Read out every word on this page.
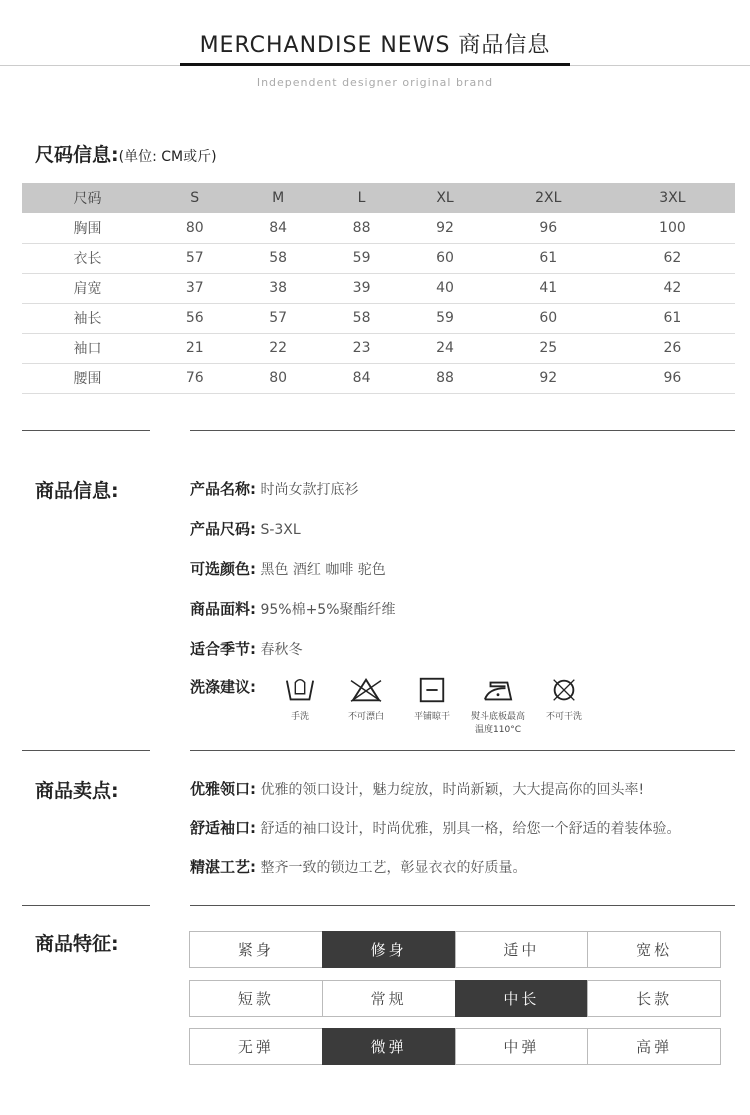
MERCHANDISE NEWS 商品信息
Independent designer original brand
尺码信息:(单位: CM或斤)
尺码	S	M	L	XL	2XL	3XL
胸围	80	84	88	92	96	100
衣长	57	58	59	60	61	62
肩宽	37	38	39	40	41	42
袖长	56	57	58	59	60	61
袖口	21	22	23	24	25	26
腰围	76	80	84	88	92	96
商品信息:	产品名称: 时尚女款打底衫
产品尺码: S-3XL
可选颜色: 黑色 酒红 咖啡 驼色
商品面料: 95%棉+5%聚酯纤维
适合季节: 春秋冬
洗涤建议:
手洗	不可漂白	平铺晾干	熨斗底板最高温度110°C
不可干洗
商品卖点:	优雅领口: 优雅的领口设计，魅力绽放，时尚新颖，大大提高你的回头率!
舒适袖口: 舒适的袖口设计，时尚优雅，别具一格，给您一个舒适的着装体验。
精湛工艺: 整齐一致的锁边工艺，彰显衣衣的好质量。
商品特征:	紧身	修身	适中	宽松
短款	常规	中长	长款
无弹	微弹	中弹	高弹
